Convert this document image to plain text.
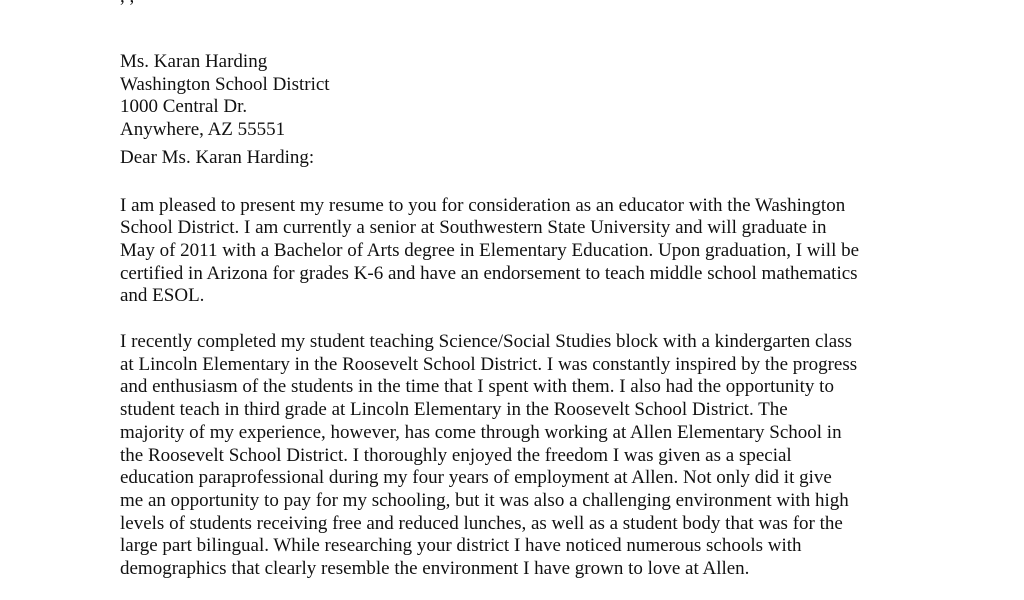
Ms. Karan Harding
Washington School District
1000 Central Dr.
Anywhere, AZ 55551

Dear Ms. Karan Harding:

I am pleased to present my resume to you for consideration as an educator with the Washington
School District. I am currently a senior at Southwestern State University and will graduate in
May of 2011 with a Bachelor of Arts degree in Elementary Education. Upon graduation, I will be
certified in Arizona for grades K-6 and have an endorsement to teach middle school mathematics
and ESOL.
I recently completed my student teaching Science/Social Studies block with a kindergarten class
at Lincoln Elementary in the Roosevelt School District. I was constantly inspired by the progress
and enthusiasm of the students in the time that I spent with them. I also had the opportunity to
student teach in third grade at Lincoln Elementary in the Roosevelt School District. The
majority of my experience, however, has come through working at Allen Elementary School in
the Roosevelt School District. I thoroughly enjoyed the freedom I was given as a special
education paraprofessional during my four years of employment at Allen. Not only did it give
me an opportunity to pay for my schooling, but it was also a challenging environment with high
levels of students receiving free and reduced lunches, as well as a student body that was for the
large part bilingual. While researching your district I have noticed numerous schools with
demographics that clearly resemble the environment I have grown to love at Allen.
